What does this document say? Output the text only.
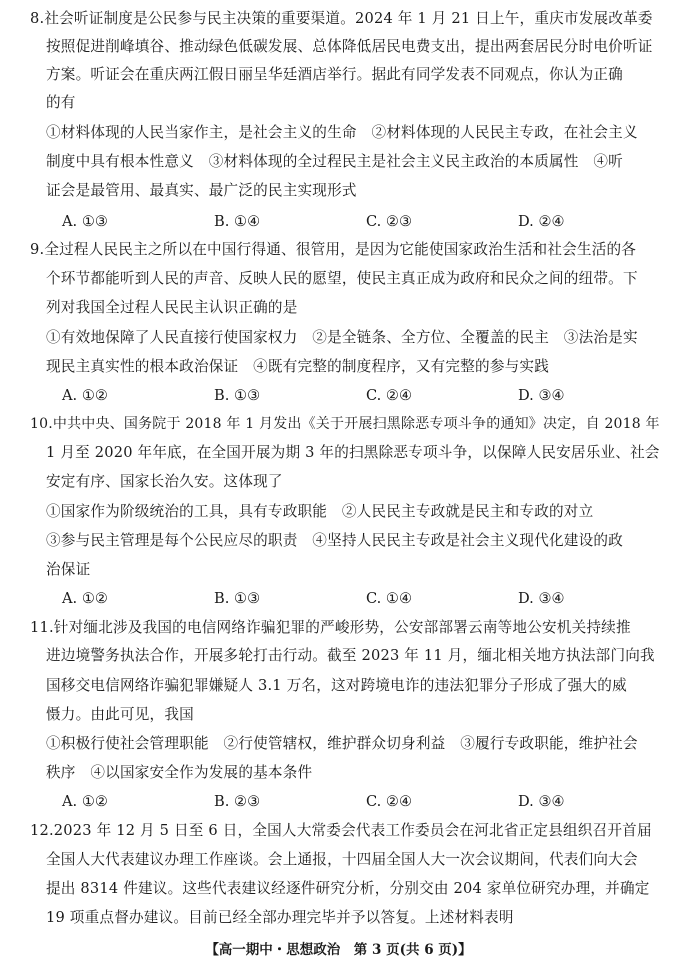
8.社会听证制度是公民参与民主决策的重要渠道。2024 年 1 月 21 日上午，重庆市发展改革委
按照促进削峰填谷、推动绿色低碳发展、总体降低居民电费支出，提出两套居民分时电价听证
方案。听证会在重庆两江假日丽呈华廷酒店举行。据此有同学发表不同观点，你认为正确
的有
①材料体现的人民当家作主，是社会主义的生命　②材料体现的人民民主专政，在社会主义
制度中具有根本性意义　③材料体现的全过程民主是社会主义民主政治的本质属性　④听
证会是最管用、最真实、最广泛的民主实现形式
A. ①③	B. ①④	C. ②③	D. ②④
9.全过程人民民主之所以在中国行得通、很管用，是因为它能使国家政治生活和社会生活的各
个环节都能听到人民的声音、反映人民的愿望，使民主真正成为政府和民众之间的纽带。下
列对我国全过程人民民主认识正确的是
①有效地保障了人民直接行使国家权力　②是全链条、全方位、全覆盖的民主　③法治是实
现民主真实性的根本政治保证　④既有完整的制度程序，又有完整的参与实践
A. ①②	B. ①③	C. ②④	D. ③④
10.中共中央、国务院于 2018 年 1 月发出《关于开展扫黑除恶专项斗争的通知》决定，自 2018 年
1 月至 2020 年年底，在全国开展为期 3 年的扫黑除恶专项斗争，以保障人民安居乐业、社会
安定有序、国家长治久安。这体现了
①国家作为阶级统治的工具，具有专政职能　②人民民主专政就是民主和专政的对立
③参与民主管理是每个公民应尽的职责　④坚持人民民主专政是社会主义现代化建设的政
治保证
A. ①②	B. ①③	C. ①④	D. ③④
11.针对缅北涉及我国的电信网络诈骗犯罪的严峻形势，公安部部署云南等地公安机关持续推
进边境警务执法合作，开展多轮打击行动。截至 2023 年 11 月，缅北相关地方执法部门向我
国移交电信网络诈骗犯罪嫌疑人 3.1 万名，这对跨境电诈的违法犯罪分子形成了强大的威
慑力。由此可见，我国
①积极行使社会管理职能　②行使管辖权，维护群众切身利益　③履行专政职能，维护社会
秩序　④以国家安全作为发展的基本条件
A. ①②	B. ②③	C. ②④	D. ③④
12.2023 年 12 月 5 日至 6 日，全国人大常委会代表工作委员会在河北省正定县组织召开首届
全国人大代表建议办理工作座谈。会上通报，十四届全国人大一次会议期间，代表们向大会
提出 8314 件建议。这些代表建议经逐件研究分析，分别交由 204 家单位研究办理，并确定
19 项重点督办建议。目前已经全部办理完毕并予以答复。上述材料表明
【高一期中・思想政治　第 3 页(共 6 页)】
